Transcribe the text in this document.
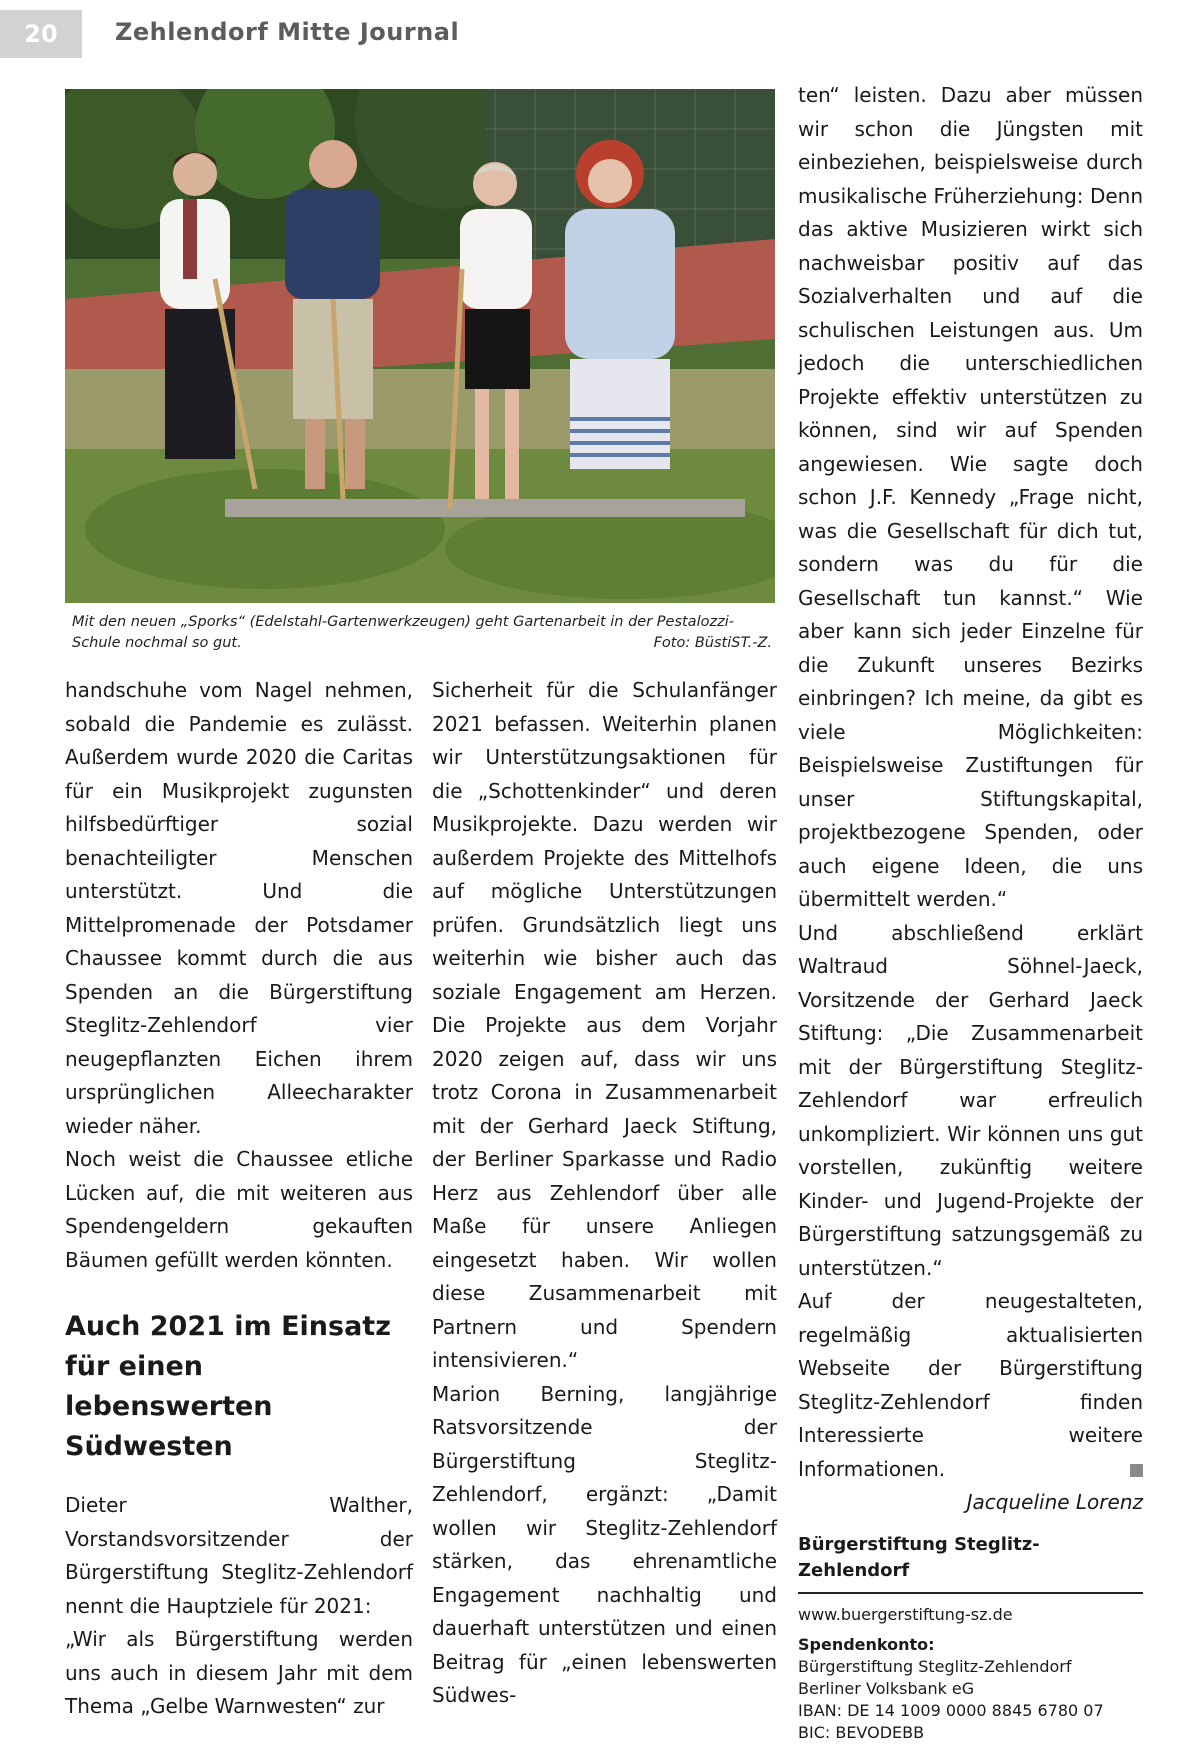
20	Zehlendorf Mitte Journal
Mit den neuen „Sporks“ (Edelstahl-Gartenwerkzeugen) geht Gartenarbeit in der Pestalozzi-Schule nochmal so gut.	Foto: BüstiST.-Z.

handschuhe vom Nagel nehmen, sobald die Pandemie es zulässt. Außerdem wurde 2020 die Caritas für ein Musikprojekt zugunsten hilfsbedürftiger sozial benachteiligter Menschen unterstützt. Und die Mittelpromenade der Potsdamer Chaussee kommt durch die aus Spenden an die Bürgerstiftung Steglitz-Zehlendorf vier neugepflanzten Eichen ihrem ursprünglichen Alleecharakter wieder näher.

Noch weist die Chaussee etliche Lücken auf, die mit weiteren aus Spendengeldern gekauften Bäumen gefüllt werden könnten.

Auch 2021 im Einsatz für einen lebenswerten Südwesten

Dieter Walther, Vorstandsvorsitzender der Bürgerstiftung Steglitz-Zehlendorf nennt die Hauptziele für 2021:

„Wir als Bürgerstiftung werden uns auch in diesem Jahr mit dem Thema „Gelbe Warnwesten“ zur

Sicherheit für die Schulanfänger 2021 befassen. Weiterhin planen wir Unterstützungsaktionen für die „Schottenkinder“ und deren Musikprojekte. Dazu werden wir außerdem Projekte des Mittelhofs auf mögliche Unterstützungen prüfen. Grundsätzlich liegt uns weiterhin wie bisher auch das soziale Engagement am Herzen. Die Projekte aus dem Vorjahr 2020 zeigen auf, dass wir uns trotz Corona in Zusammenarbeit mit der Gerhard Jaeck Stiftung, der Berliner Sparkasse und Radio Herz aus Zehlendorf über alle Maße für unsere Anliegen eingesetzt haben. Wir wollen diese Zusammenarbeit mit Partnern und Spendern intensivieren.“

Marion Berning, langjährige Ratsvorsitzende der Bürgerstiftung Steglitz-Zehlendorf, ergänzt: „Damit wollen wir Steglitz-Zehlendorf stärken, das ehrenamtliche Engagement nachhaltig und dauerhaft unterstützen und einen Beitrag für „einen lebenswerten Südwes-

ten“ leisten. Dazu aber müssen wir schon die Jüngsten mit einbeziehen, beispielsweise durch musikalische Früherziehung: Denn das aktive Musizieren wirkt sich nachweisbar positiv auf das Sozialverhalten und auf die schulischen Leistungen aus. Um jedoch die unterschiedlichen Projekte effektiv unterstützen zu können, sind wir auf Spenden angewiesen. Wie sagte doch schon J.F. Kennedy „Frage nicht, was die Gesellschaft für dich tut, sondern was du für die Gesellschaft tun kannst.“ Wie aber kann sich jeder Einzelne für die Zukunft unseres Bezirks einbringen? Ich meine, da gibt es viele Möglichkeiten: Beispielsweise Zustiftungen für unser Stiftungskapital, projektbezogene Spenden, oder auch eigene Ideen, die uns übermittelt werden.“

Und abschließend erklärt Waltraud Söhnel-Jaeck, Vorsitzende der Gerhard Jaeck Stiftung: „Die Zusammenarbeit mit der Bürgerstiftung Steglitz-Zehlendorf war erfreulich unkompliziert. Wir können uns gut vorstellen, zukünftig weitere Kinder- und Jugend-Projekte der Bürgerstiftung satzungsgemäß zu unterstützen.“

Auf der neugestalteten, regelmäßig aktualisierten Webseite der Bürgerstiftung Steglitz-Zehlendorf finden Interessierte weitere Informationen.

Jacqueline Lorenz

Bürgerstiftung Steglitz-Zehlendorf

www.buergerstiftung-sz.de

Spendenkonto:

Bürgerstiftung Steglitz-Zehlendorf

Berliner Volksbank eG

IBAN: DE 14 1009 0000 8845 6780 07

BIC: BEVODEBB
